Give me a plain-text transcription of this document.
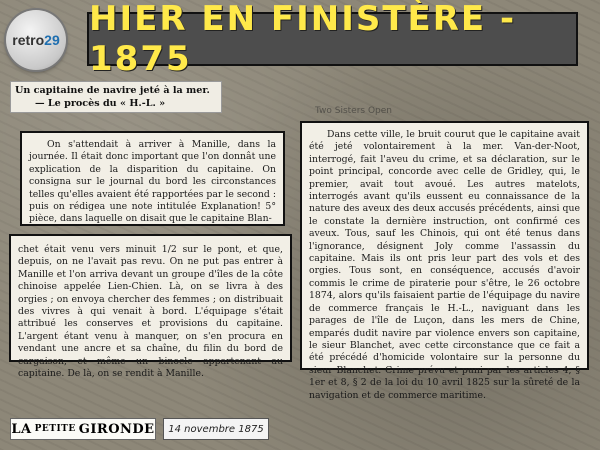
retro 29
HIER EN FINISTÈRE - 1875
Un capitaine de navire jeté à la mer.
— Le procès du « H.-L. »
Two Sisters Open

On s'attendait à arriver à Manille, dans la journée. Il était donc important que l'on donnât une explication de la disparition du capitaine. On consigna sur le journal du bord les circonstances telles qu'elles avaient été rapportées par le second : puis on rédigea une note intitulée Explanation! 5° pièce, dans laquelle on disait que le capitaine Blan-

chet était venu vers minuit 1/2 sur le pont, et que, depuis, on ne l'avait pas revu. On ne put pas entrer à Manille et l'on arriva devant un groupe d'îles de la côte chinoise appelée Lien-Chien. Là, on se livra à des orgies ; on envoya chercher des femmes ; on distribuait des vivres à qui venait à bord. L'équipage s'était attribué les conserves et provisions du capitaine. L'argent étant venu à manquer, on s'en procura en vendant une ancre et sa chaîne, du filin du bord de cargaison, et même un binocle appartenant au capitaine. De là, on se rendit à Manille.

Dans cette ville, le bruit courut que le capitaine avait été jeté volontairement à la mer. Van-der-Noot, interrogé, fait l'aveu du crime, et sa déclaration, sur le point principal, concorde avec celle de Gridley, qui, le premier, avait tout avoué. Les autres matelots, interrogés avant qu'ils eussent eu connaissance de la nature des aveux des deux accusés précédents, ainsi que le constate la dernière instruction, ont confirmé ces aveux. Tous, sauf les Chinois, qui ont été tenus dans l'ignorance, désignent Joly comme l'assassin du capitaine. Mais ils ont pris leur part des vols et des orgies. Tous sont, en conséquence, accusés d'avoir commis le crime de piraterie pour s'être, le 26 octobre 1874, alors qu'ils faisaient partie de l'équipage du navire de commerce français le H.-L., naviguant dans les parages de l'île de Luçon, dans les mers de Chine, emparés dudit navire par violence envers son capitaine, le sieur Blanchet, avec cette circonstance que ce fait a été précédé d'homicide volontaire sur la personne du sieur Blanchet. Crime prévu et puni par les articles 4, § 1er et 8, § 2 de la loi du 10 avril 1825 sur la sûreté de la navigation et de commerce maritime.

LA PETITE GIRONDE	14 novembre 1875
